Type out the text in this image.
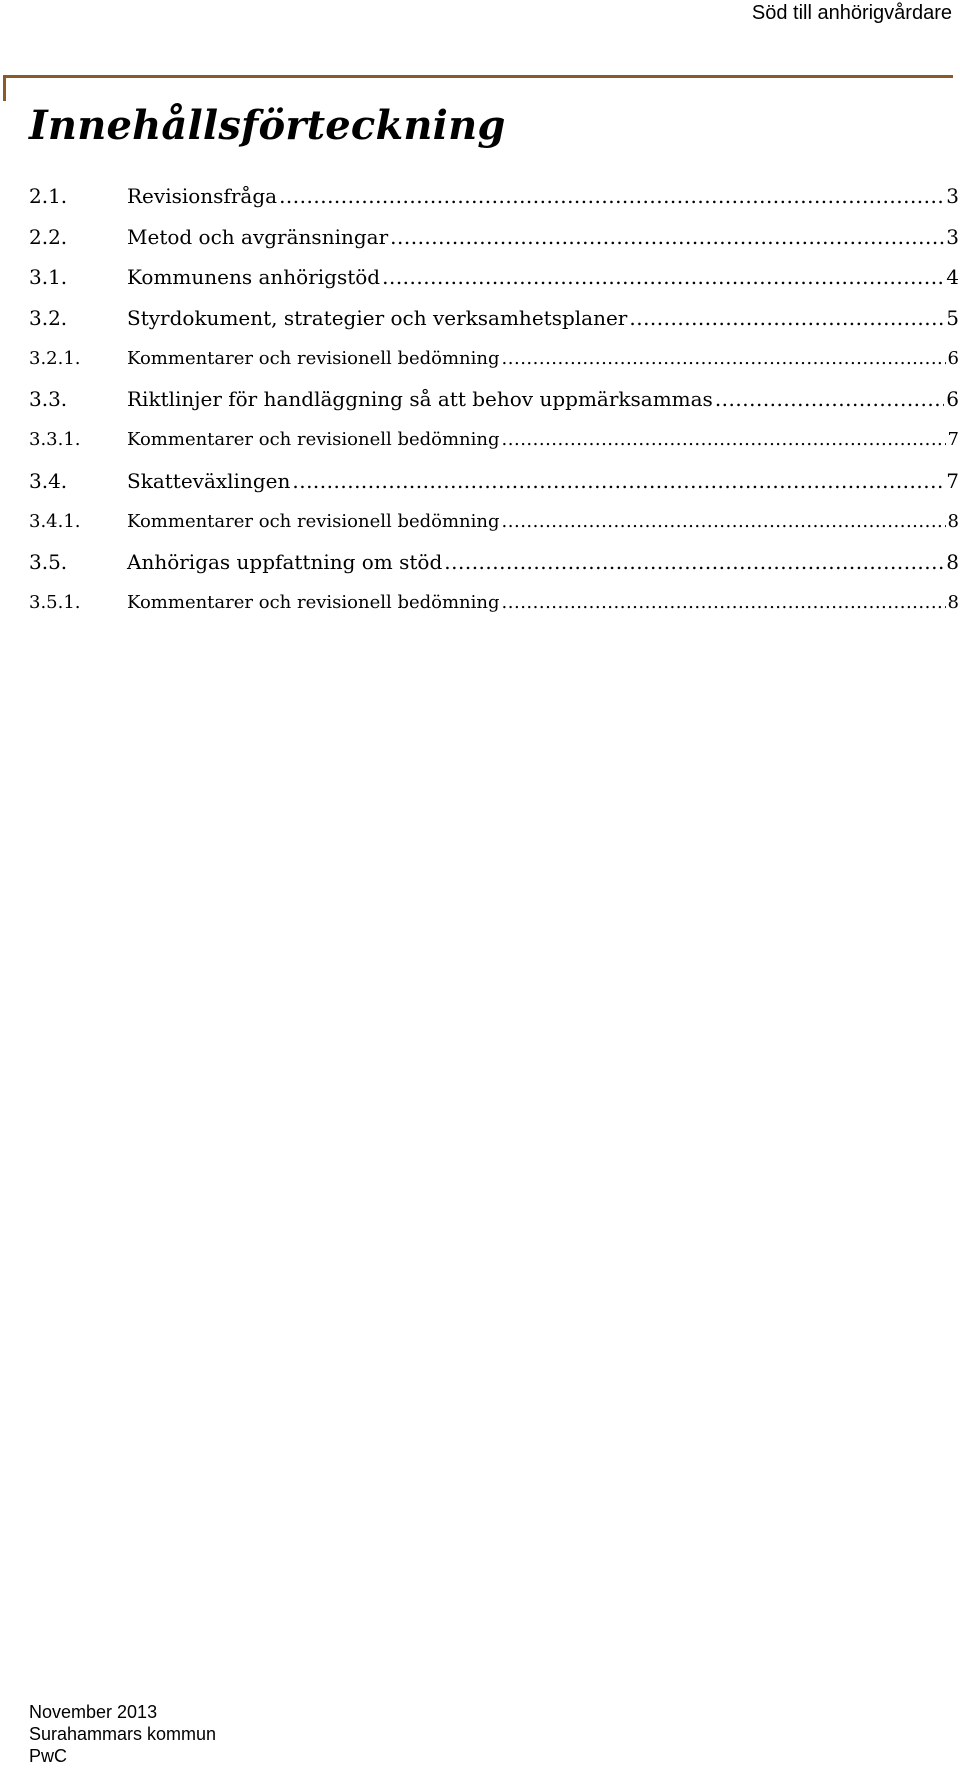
Söd till anhörigvårdare
Innehållsförteckning
2.1.	Revisionsfråga .....	3
2.2.	Metod och avgränsningar .....	3
3.1.	Kommunens anhörigstöd .....	4
3.2.	Styrdokument, strategier och verksamhetsplaner .....	5
3.2.1.	Kommentarer och revisionell bedömning .....	6
3.3.	Riktlinjer för handläggning så att behov uppmärksammas .....	6
3.3.1.	Kommentarer och revisionell bedömning .....	7
3.4.	Skatteväxlingen .....	7
3.4.1.	Kommentarer och revisionell bedömning .....	8
3.5.	Anhörigas uppfattning om stöd .....	8
3.5.1.	Kommentarer och revisionell bedömning .....	8
November 2013
Surahammars kommun
PwC
